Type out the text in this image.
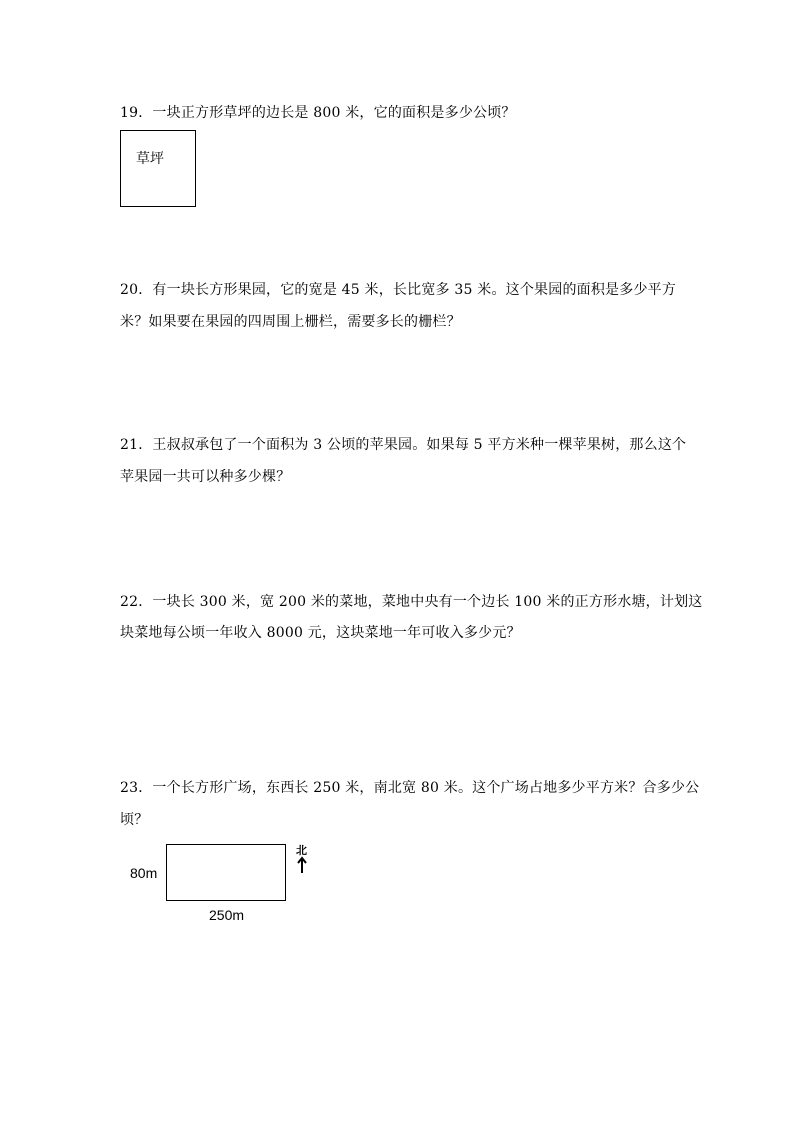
19．一块正方形草坪的边长是 800 米，它的面积是多少公顷？
草坪
20．有一块长方形果园，它的宽是 45 米，长比宽多 35 米。这个果园的面积是多少平方
米？如果要在果园的四周围上栅栏，需要多长的栅栏？
21．王叔叔承包了一个面积为 3 公顷的苹果园。如果每 5 平方米种一棵苹果树，那么这个
苹果园一共可以种多少棵？
22．一块长 300 米，宽 200 米的菜地，菜地中央有一个边长 100 米的正方形水塘，计划这
块菜地每公顷一年收入 8000 元，这块菜地一年可收入多少元？
23．一个长方形广场，东西长 250 米，南北宽 80 米。这个广场占地多少平方米？合多少公
顷？
80m
250m
北
